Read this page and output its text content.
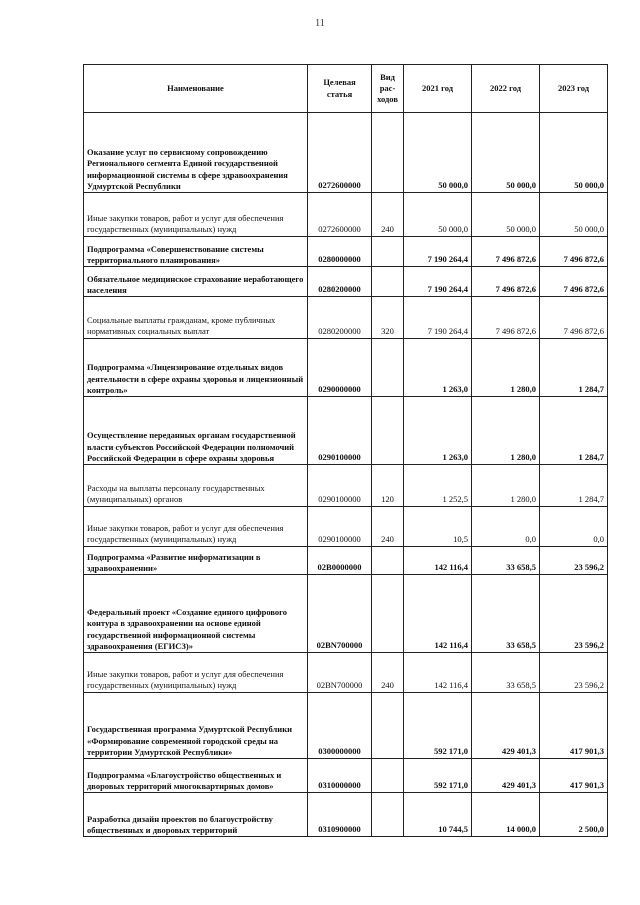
11
Наименование	Целевая статья	Вид рас-ходов	2021 год	2022 год	2023 год
Оказание услуг по сервисному сопровождению Регионального сегмента Единой государственной информационной системы в сфере здравоохранения Удмуртской Республики	0272600000		50 000,0	50 000,0	50 000,0
Иные закупки товаров, работ и услуг для обеспечения государственных (муниципальных) нужд	0272600000	240	50 000,0	50 000,0	50 000,0
Подпрограмма «Совершенствование системы территориального планирования»	0280000000		7 190 264,4	7 496 872,6	7 496 872,6
Обязательное медицинское страхование неработающего населения	0280200000		7 190 264,4	7 496 872,6	7 496 872,6
Социальные выплаты гражданам, кроме публичных нормативных социальных выплат	0280200000	320	7 190 264,4	7 496 872,6	7 496 872,6
Подпрограмма «Лицензирование отдельных видов деятельности в сфере охраны здоровья и лицензионный контроль»	0290000000		1 263,0	1 280,0	1 284,7
Осуществление переданных органам государственной власти субъектов Российской Федерации полномочий Российской Федерации в сфере охраны здоровья	0290100000		1 263,0	1 280,0	1 284,7
Расходы на выплаты персоналу государственных (муниципальных) органов	0290100000	120	1 252,5	1 280,0	1 284,7
Иные закупки товаров, работ и услуг для обеспечения государственных (муниципальных) нужд	0290100000	240	10,5	0,0	0,0
Подпрограмма «Развитие информатизации в здравоохранении»	02В0000000		142 116,4	33 658,5	23 596,2
Федеральный проект «Создание единого цифрового контура в здравоохранении на основе единой государственной информационной системы здравоохранения (ЕГИСЗ)»	02ВN700000		142 116,4	33 658,5	23 596,2
Иные закупки товаров, работ и услуг для обеспечения государственных (муниципальных) нужд	02ВN700000	240	142 116,4	33 658,5	23 596,2
Государственная программа Удмуртской Республики «Формирование современной городской среды на территории Удмуртской Республики»	0300000000		592 171,0	429 401,3	417 901,3
Подпрограмма «Благоустройство общественных и дворовых территорий многоквартирных домов»	0310000000		592 171,0	429 401,3	417 901,3
Разработка дизайн проектов по благоустройству общественных и дворовых территорий	0310900000		10 744,5	14 000,0	2 500,0
